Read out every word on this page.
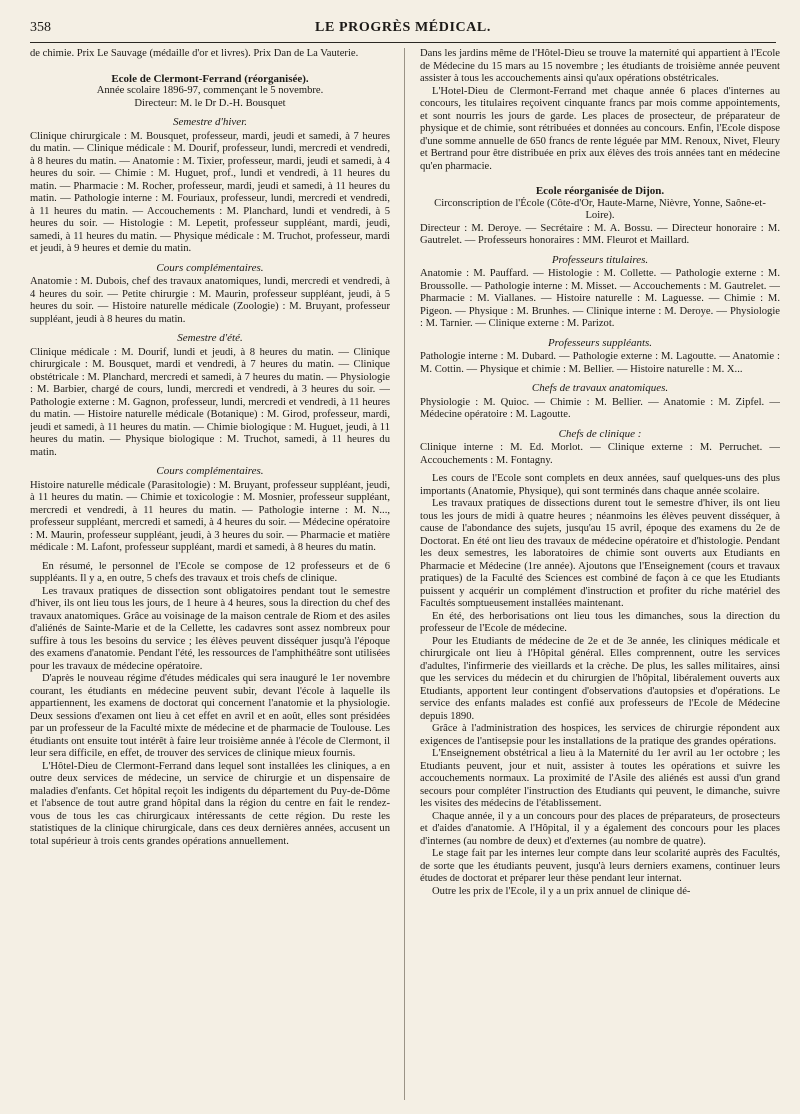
358	LE PROGRÈS MÉDICAL.

de chimie. Prix Le Sauvage (médaille d'or et livres). Prix Dan de La Vauterie.

Ecole de Clermont-Ferrand (réorganisée).

Année scolaire 1896-97, commençant le 5 novembre.

Directeur: M. le Dr D.-H. Bousquet

Semestre d'hiver.

Clinique chirurgicale : M. Bousquet, professeur, mardi, jeudi et samedi, à 7 heures du matin. — Clinique médicale : M. Dourif, professeur, lundi, mercredi et vendredi, à 8 heures du matin. — Anatomie : M. Tixier, professeur, mardi, jeudi et samedi, à 4 heures du soir. — Chimie : M. Huguet, prof., lundi et vendredi, à 11 heures du matin. — Pharmacie : M. Rocher, professeur, mardi, jeudi et samedi, à 11 heures du matin. — Pathologie interne : M. Fouriaux, professeur, lundi, mercredi et vendredi, à 11 heures du matin. — Accouchements : M. Planchard, lundi et vendredi, à 5 heures du soir. — Histologie : M. Lepetit, professeur suppléant, mardi, jeudi, samedi, à 11 heures du matin. — Physique médicale : M. Truchot, professeur, mardi et jeudi, à 9 heures et demie du matin.

Cours complémentaires.

Anatomie : M. Dubois, chef des travaux anatomiques, lundi, mercredi et vendredi, à 4 heures du soir. — Petite chirurgie : M. Maurin, professeur suppléant, jeudi, à 5 heures du soir. — Histoire naturelle médicale (Zoologie) : M. Bruyant, professeur suppléant, jeudi à 8 heures du matin.

Semestre d'été.

Clinique médicale : M. Dourif, lundi et jeudi, à 8 heures du matin. — Clinique chirurgicale : M. Bousquet, mardi et vendredi, à 7 heures du matin. — Clinique obstétricale : M. Planchard, mercredi et samedi, à 7 heures du matin. — Physiologie : M. Barbier, chargé de cours, lundi, mercredi et vendredi, à 3 heures du soir. — Pathologie externe : M. Gagnon, professeur, lundi, mercredi et vendredi, à 11 heures du matin. — Histoire naturelle médicale (Botanique) : M. Girod, professeur, mardi, jeudi et samedi, à 11 heures du matin. — Chimie biologique : M. Huguet, jeudi, à 11 heures du matin. — Physique biologique : M. Truchot, samedi, à 11 heures du matin.

Cours complémentaires.

Histoire naturelle médicale (Parasitologie) : M. Bruyant, professeur suppléant, jeudi, à 11 heures du matin. — Chimie et toxicologie : M. Mosnier, professeur suppléant, mercredi et vendredi, à 11 heures du matin. — Pathologie interne : M. N..., professeur suppléant, mercredi et samedi, à 4 heures du soir. — Médecine opératoire : M. Maurin, professeur suppléant, jeudi, à 3 heures du soir. — Pharmacie et matière médicale : M. Lafont, professeur suppléant, mardi et samedi, à 8 heures du matin.

En résumé, le personnel de l'Ecole se compose de 12 professeurs et de 6 suppléants. Il y a, en outre, 5 chefs des travaux et trois chefs de clinique.

Les travaux pratiques de dissection sont obligatoires pendant tout le semestre d'hiver, ils ont lieu tous les jours, de 1 heure à 4 heures, sous la direction du chef des travaux anatomiques. Grâce au voisinage de la maison centrale de Riom et des asiles d'aliénés de Sainte-Marie et de la Cellette, les cadavres sont assez nombreux pour suffire à tous les besoins du service ; les élèves peuvent disséquer jusqu'à l'époque des examens d'anatomie. Pendant l'été, les ressources de l'amphithéâtre sont utilisées pour les travaux de médecine opératoire.

D'après le nouveau régime d'études médicales qui sera inauguré le 1er novembre courant, les étudiants en médecine peuvent subir, devant l'école à laquelle ils appartiennent, les examens de doctorat qui concernent l'anatomie et la physiologie. Deux sessions d'examen ont lieu à cet effet en avril et en août, elles sont présidées par un professeur de la Faculté mixte de médecine et de pharmacie de Toulouse. Les étudiants ont ensuite tout intérêt à faire leur troisième année à l'école de Clermont, il leur sera difficile, en effet, de trouver des services de clinique mieux fournis.

L'Hôtel-Dieu de Clermont-Ferrand dans lequel sont installées les cliniques, a en outre deux services de médecine, un service de chirurgie et un dispensaire de maladies d'enfants. Cet hôpital reçoit les indigents du département du Puy-de-Dôme et l'absence de tout autre grand hôpital dans la région du centre en fait le rendez-vous de tous les cas chirurgicaux intéressants de cette région. Du reste les statistiques de la clinique chirurgicale, dans ces deux dernières années, accusent un total supérieur à trois cents grandes opérations annuellement.

Dans les jardins même de l'Hôtel-Dieu se trouve la maternité qui appartient à l'Ecole de Médecine du 15 mars au 15 novembre ; les étudiants de troisième année peuvent assister à tous les accouchements ainsi qu'aux opérations obstétricales.

L'Hotel-Dieu de Clermont-Ferrand met chaque année 6 places d'internes au concours, les titulaires reçoivent cinquante francs par mois comme appointements, et sont nourris les jours de garde. Les places de prosecteur, de préparateur de physique et de chimie, sont rétribuées et données au concours. Enfin, l'Ecole dispose d'une somme annuelle de 650 francs de rente léguée par MM. Renoux, Nivet, Fleury et Bertrand pour être distribuée en prix aux élèves des trois années tant en médecine qu'en pharmacie.

Ecole réorganisée de Dijon.

Circonscription de l'École (Côte-d'Or, Haute-Marne, Nièvre, Yonne, Saône-et-Loire).

Directeur : M. Deroye. — Secrétaire : M. A. Bossu. — Directeur honoraire : M. Gautrelet. — Professeurs honoraires : MM. Fleurot et Maillard.

Professeurs titulaires.

Anatomie : M. Pauffard. — Histologie : M. Collette. — Pathologie externe : M. Broussolle. — Pathologie interne : M. Misset. — Accouchements : M. Gautrelet. — Pharmacie : M. Viallanes. — Histoire naturelle : M. Laguesse. — Chimie : M. Pigeon. — Physique : M. Brunhes. — Clinique interne : M. Deroye. — Physiologie : M. Tarnier. — Clinique externe : M. Parizot.

Professeurs suppléants.

Pathologie interne : M. Dubard. — Pathologie externe : M. Lagoutte. — Anatomie : M. Cottin. — Physique et chimie : M. Bellier. — Histoire naturelle : M. X...

Chefs de travaux anatomiques.

Physiologie : M. Quioc. — Chimie : M. Bellier. — Anatomie : M. Zipfel. — Médecine opératoire : M. Lagoutte.

Chefs de clinique :

Clinique interne : M. Ed. Morlot. — Clinique externe : M. Perruchet. — Accouchements : M. Fontagny.

Les cours de l'Ecole sont complets en deux années, sauf quelques-uns des plus importants (Anatomie, Physique), qui sont terminés dans chaque année scolaire.

Les travaux pratiques de dissections durent tout le semestre d'hiver, ils ont lieu tous les jours de midi à quatre heures ; néanmoins les élèves peuvent disséquer, à cause de l'abondance des sujets, jusqu'au 15 avril, époque des examens du 2e de Doctorat. En été ont lieu des travaux de médecine opératoire et d'histologie. Pendant les deux semestres, les laboratoires de chimie sont ouverts aux Etudiants en Pharmacie et Médecine (1re année). Ajoutons que l'Enseignement (cours et travaux pratiques) de la Faculté des Sciences est combiné de façon à ce que les Etudiants puissent y acquérir un complément d'instruction et profiter du riche matériel des Facultés somptueusement installées maintenant.

En été, des herborisations ont lieu tous les dimanches, sous la direction du professeur de l'Ecole de médecine.

Pour les Etudiants de médecine de 2e et de 3e année, les cliniques médicale et chirurgicale ont lieu à l'Hôpital général. Elles comprennent, outre les services d'adultes, l'infirmerie des vieillards et la crèche. De plus, les salles militaires, ainsi que les services du médecin et du chirurgien de l'hôpital, libéralement ouverts aux Etudiants, apportent leur contingent d'observations d'autopsies et d'opérations. Le service des enfants malades est confié aux professeurs de l'Ecole de Médecine depuis 1890.

Grâce à l'administration des hospices, les services de chirurgie répondent aux exigences de l'antisepsie pour les installations de la pratique des grandes opérations.

L'Enseignement obstétrical a lieu à la Maternité du 1er avril au 1er octobre ; les Etudiants peuvent, jour et nuit, assister à toutes les opérations et suivre les accouchements normaux. La proximité de l'Asile des aliénés est aussi d'un grand secours pour compléter l'instruction des Etudiants qui peuvent, le dimanche, suivre les visites des médecins de l'établissement.

Chaque année, il y a un concours pour des places de préparateurs, de prosecteurs et d'aides d'anatomie. A l'Hôpital, il y a également des concours pour les places d'internes (au nombre de deux) et d'externes (au nombre de quatre).

Le stage fait par les internes leur compte dans leur scolarité auprès des Facultés, de sorte que les étudiants peuvent, jusqu'à leurs derniers examens, continuer leurs études de doctorat et préparer leur thèse pendant leur internat.

Outre les prix de l'Ecole, il y a un prix annuel de clinique dé-
